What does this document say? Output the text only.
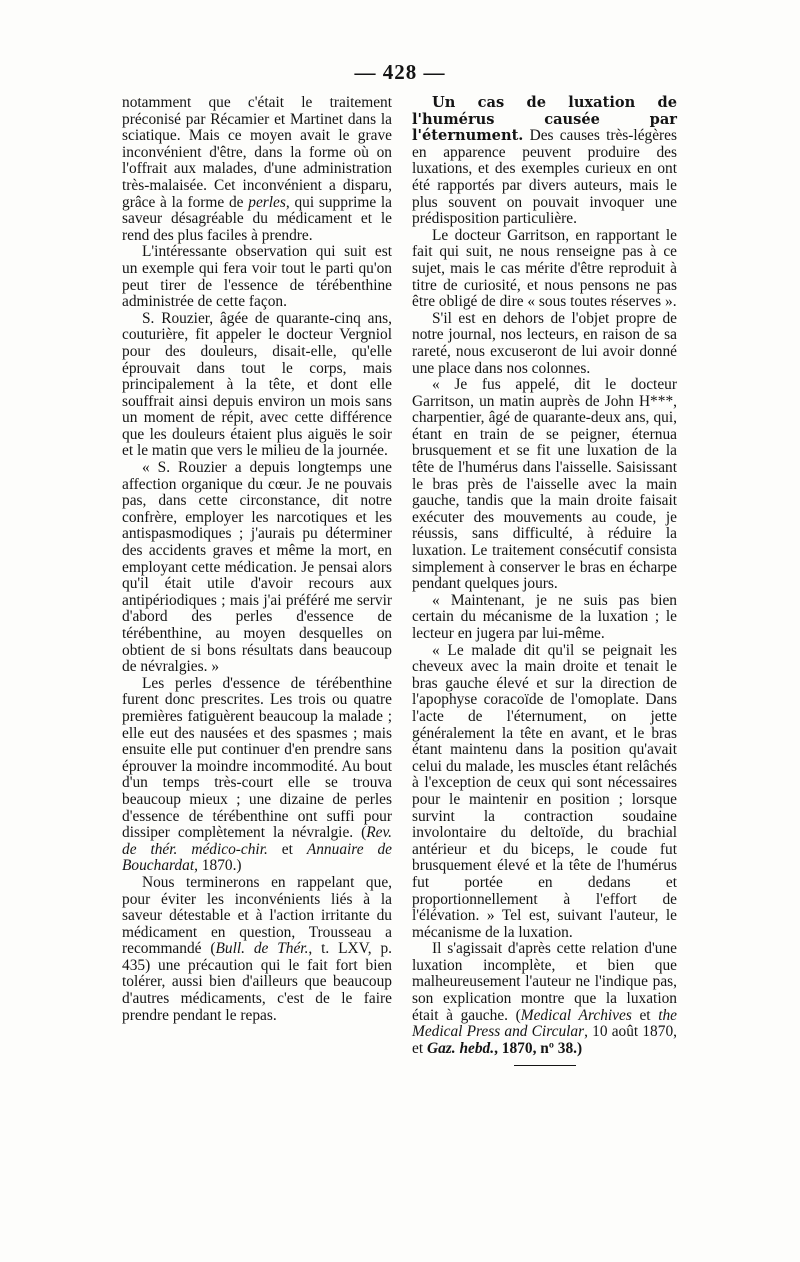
— 428 —

notamment que c'était le traitement préconisé par Récamier et Martinet dans la sciatique. Mais ce moyen avait le grave inconvénient d'être, dans la forme où on l'offrait aux malades, d'une administration très-malaisée. Cet inconvénient a disparu, grâce à la forme de perles, qui supprime la saveur désagréable du médicament et le rend des plus faciles à prendre.

L'intéressante observation qui suit est un exemple qui fera voir tout le parti qu'on peut tirer de l'essence de térébenthine administrée de cette façon.

S. Rouzier, âgée de quarante-cinq ans, couturière, fit appeler le docteur Vergniol pour des douleurs, disait-elle, qu'elle éprouvait dans tout le corps, mais principalement à la tête, et dont elle souffrait ainsi depuis environ un mois sans un moment de répit, avec cette différence que les douleurs étaient plus aiguës le soir et le matin que vers le milieu de la journée.

« S. Rouzier a depuis longtemps une affection organique du cœur. Je ne pouvais pas, dans cette circonstance, dit notre confrère, employer les narcotiques et les antispasmodiques ; j'aurais pu déterminer des accidents graves et même la mort, en employant cette médication. Je pensai alors qu'il était utile d'avoir recours aux antipériodiques ; mais j'ai préféré me servir d'abord des perles d'essence de térébenthine, au moyen desquelles on obtient de si bons résultats dans beaucoup de névralgies. »

Les perles d'essence de térébenthine furent donc prescrites. Les trois ou quatre premières fatiguèrent beaucoup la malade ; elle eut des nausées et des spasmes ; mais ensuite elle put continuer d'en prendre sans éprouver la moindre incommodité. Au bout d'un temps très-court elle se trouva beaucoup mieux ; une dizaine de perles d'essence de térébenthine ont suffi pour dissiper complètement la névralgie. (Rev. de thér. médico-chir. et Annuaire de Bouchardat, 1870.)

Nous terminerons en rappelant que, pour éviter les inconvénients liés à la saveur détestable et à l'action irritante du médicament en question, Trousseau a recommandé (Bull. de Thér., t. LXV, p. 435) une précaution qui le fait fort bien tolérer, aussi bien d'ailleurs que beaucoup d'autres médicaments, c'est de le faire prendre pendant le repas.

Un cas de luxation de l'humérus causée par l'éternument. Des causes très-légères en apparence peuvent produire des luxations, et des exemples curieux en ont été rapportés par divers auteurs, mais le plus souvent on pouvait invoquer une prédisposition particulière.

Le docteur Garritson, en rapportant le fait qui suit, ne nous renseigne pas à ce sujet, mais le cas mérite d'être reproduit à titre de curiosité, et nous pensons ne pas être obligé de dire « sous toutes réserves ».

S'il est en dehors de l'objet propre de notre journal, nos lecteurs, en raison de sa rareté, nous excuseront de lui avoir donné une place dans nos colonnes.

« Je fus appelé, dit le docteur Garritson, un matin auprès de John H***, charpentier, âgé de quarante-deux ans, qui, étant en train de se peigner, éternua brusquement et se fit une luxation de la tête de l'humérus dans l'aisselle. Saisissant le bras près de l'aisselle avec la main gauche, tandis que la main droite faisait exécuter des mouvements au coude, je réussis, sans difficulté, à réduire la luxation. Le traitement consécutif consista simplement à conserver le bras en écharpe pendant quelques jours.

« Maintenant, je ne suis pas bien certain du mécanisme de la luxation ; le lecteur en jugera par lui-même.

« Le malade dit qu'il se peignait les cheveux avec la main droite et tenait le bras gauche élevé et sur la direction de l'apophyse coracoïde de l'omoplate. Dans l'acte de l'éternument, on jette généralement la tête en avant, et le bras étant maintenu dans la position qu'avait celui du malade, les muscles étant relâchés à l'exception de ceux qui sont nécessaires pour le maintenir en position ; lorsque survint la contraction soudaine involontaire du deltoïde, du brachial antérieur et du biceps, le coude fut brusquement élevé et la tête de l'humérus fut portée en dedans et proportionnellement à l'effort de l'élévation. » Tel est, suivant l'auteur, le mécanisme de la luxation.

Il s'agissait d'après cette relation d'une luxation incomplète, et bien que malheureusement l'auteur ne l'indique pas, son explication montre que la luxation était à gauche. (Medical Archives et the Medical Press and Circular, 10 août 1870, et Gaz. hebd., 1870, nº 38.)
